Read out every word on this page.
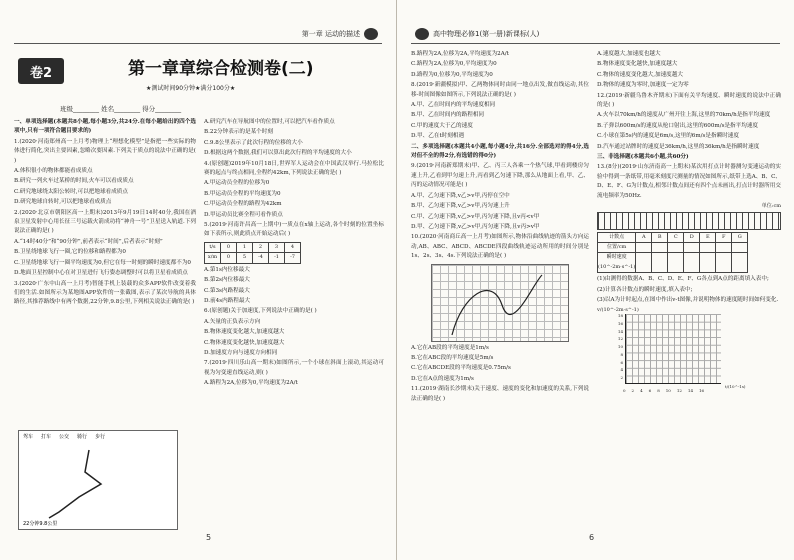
第一章 运动的描述
卷2	第一章章综合检测卷(二)
★测试时间90分钟★满分100分★
班级________ 姓名________ 得分________

一、单项选择题(本题共8小题,每小题3分,共24分.在每小题给出的四个选项中,只有一项符合题目要求的)

1.(2020·河南郑州高一上月考)物理上“理想化模型”是指把一些实际的物体进行简化,突出主要因素,忽略次要因素.下列关于质点的说法中正确的是( )

A.体积很小的物体都能看成质点

B.研究一列火车过某桥的时间,火车可以看成质点

C.研究地球绕太阳公转时,可以把地球看成质点

D.研究地球自转时,可以把地球看成质点

2.(2020·北京市朝阳区高一上期末)2013年9月19日14时40分,我国在酒泉卫星发射中心用长征三号运载火箭成功将“神舟一号”卫星送入轨道.下列说法正确的是( )

A.“14时40分”和“90分钟”,前者表示“时间”,后者表示“时刻”

B.卫星绕地球飞行一圈,它的位移和路程都为0

C.卫星绕地球飞行一圈平均速度为0,但它在每一时刻的瞬时速度都不为0

D.地面卫星控制中心在对卫星进行飞行姿态调整时可以将卫星看成质点

3.(2020·广东中山高一上月考)智能手机上装载的众多APP软件改变着我们的生活.如图所示为某地图APP软件的一张截图,表示了某次导航的具体路径,其推荐路线中有两个数据,22分钟,9.8公里,下列相关说法正确的是( )

驾车 打车 公交 骑行 步行
22分钟9.8公里

A.研究汽车在导航图中的位置时,可以把汽车看作质点

B.22分钟表示的是某个时刻

C.9.8公里表示了此次行程的位移的大小

D.根据这两个数据,我们可以算出此次行程的平均速度的大小

4.(原创题)2019年10月18日,世界军人运动会在中国武汉举行.马拉松比赛的起点与终点相同,全程约42km,下列说法正确的是( )

A.甲运动员全程的位移为0

B.甲运动员全程的平均速度为0

C.甲运动员全程的路程为42km

D.甲运动员比赛全程可看作质点

5.(2019·河南许昌高一上期中)一质点在x轴上运动,各个时刻的位置坐标如下表所示,则此质点开始运动后( )

t/s	0	1	2	3	4
x/m	0	5	-4	-1	-7

A.第1s内位移最大

B.第2s内位移最大

C.第3s内路程最大

D.前4s内路程最大

6.(原创题)关于加速度,下列说法中正确的是( )

A.矢量的正负表示方向

B.物体速度变化越大,加速度越大

C.物体速度变化越快,加速度越大

D.加速度方向与速度方向相同

7.(2019·四川乐山高一期末)如图所示,一个小球在斜面上滚动,其运动可视为匀变速直线运动,则( )

A.路程为2A,位移为0,平均速度为2A/t

5
高中物理必修1(第一册)新课标(人)

B.路程为2A,位移为2A,平均速度为2A/t

C.路程为2A,位移为0,平均速度为0

D.路程为0,位移为0,平均速度为0

8.(2019·新疆模拟)甲、乙两物体同时由同一地点出发,做直线运动,其位移-时间图像如图所示,下列说法正确的是( )

A.甲、乙在时间内的平均速度相同

B.甲、乙在时间内的路程相同

C.甲的速度大于乙的速度

D.甲、乙在t时刻相遇

二、多项选择题(本题共4小题,每小题4分,共16分.全部选对的得4分,选对但不全的得2分,有选错的得0分)

9.(2019·河南新郑期末)甲、乙、丙三人各乘一个热气球,甲看到楼房匀速上升,乙看到甲匀速上升,丙看到乙匀速下降,那么从地面上看,甲、乙、丙的运动情况可能是( )

A.甲、乙匀速下降,v乙>v甲,丙停在空中

B.甲、乙匀速下降,v乙>v甲,丙匀速上升

C.甲、乙匀速下降,v乙>v甲,丙匀速下降,且v丙<v甲

D.甲、乙匀速下降,v乙>v甲,丙匀速下降,且v丙>v甲

10.(2020·河南商丘高一上月考)如图所示,物体沿曲线轨迹的箭头方向运动,AB、ABC、ABCD、ABCDE四段曲线轨迹运动所用的时间分别是1s、2s、3s、4s.下列说法正确的是( )

A.它在AB段的平均速度是1m/s

B.它在ABC段的平均速度是5m/s

C.它在ABCDE段的平均速度是0.75m/s

D.它在A点的速度为1m/s

11.(2019·湖南长沙期末)关于速度、速度的变化和加速度的关系,下列说法正确的是( )

A.速度越大,加速度也越大

B.物体速度变化越快,加速度越大

C.物体的速度变化越大,加速度越大

D.物体的速度为零时,加速度一定为零

12.(2019·新疆乌鲁木齐期末)下面有关平均速度、瞬时速度的说法中正确的是( )

A.火车以70km/h的速度从广州开往上海,这里的70km/h是指平均速度

B.子弹以600m/s的速度从枪口射出,这里的600m/s是指平均速度

C.小球在第5s内的速度是6m/s,这里的6m/s是指瞬时速度

D.汽车通过站牌时的速度是36km/h,这里的36km/h是指瞬时速度

三、非选择题(本题共6小题,共60分)

13.(8分)(2019·山东济南高一上期末)某次用打点计时器测匀变速运动的实验中得到一条纸带,用毫米刻度尺测量的情况如图所示,纸带上选A、B、C、D、E、F、G为计数点,相邻计数点间还有四个点未画出,打点计时器所用交流电频率为50Hz.

单位:cm
计数点	A	B	C	D	E	F	G
位置/cm							
瞬时速度(10^-2m·s^-1)							

(1)由测得的数据A、B、C、D、E、F、G各点到A点的距离填入表中;

(2)计算各计数点的瞬时速度,填入表中;

(3)以A为计时起点,在图中作出v-t图像,并说明物体的速度随时间如何变化.

v/(10^-2m·s^-1)
18
16
14
12
10
8
6
4
2
0 2 4 6 8 10 12 14 16
t/(10^-1s)
6
